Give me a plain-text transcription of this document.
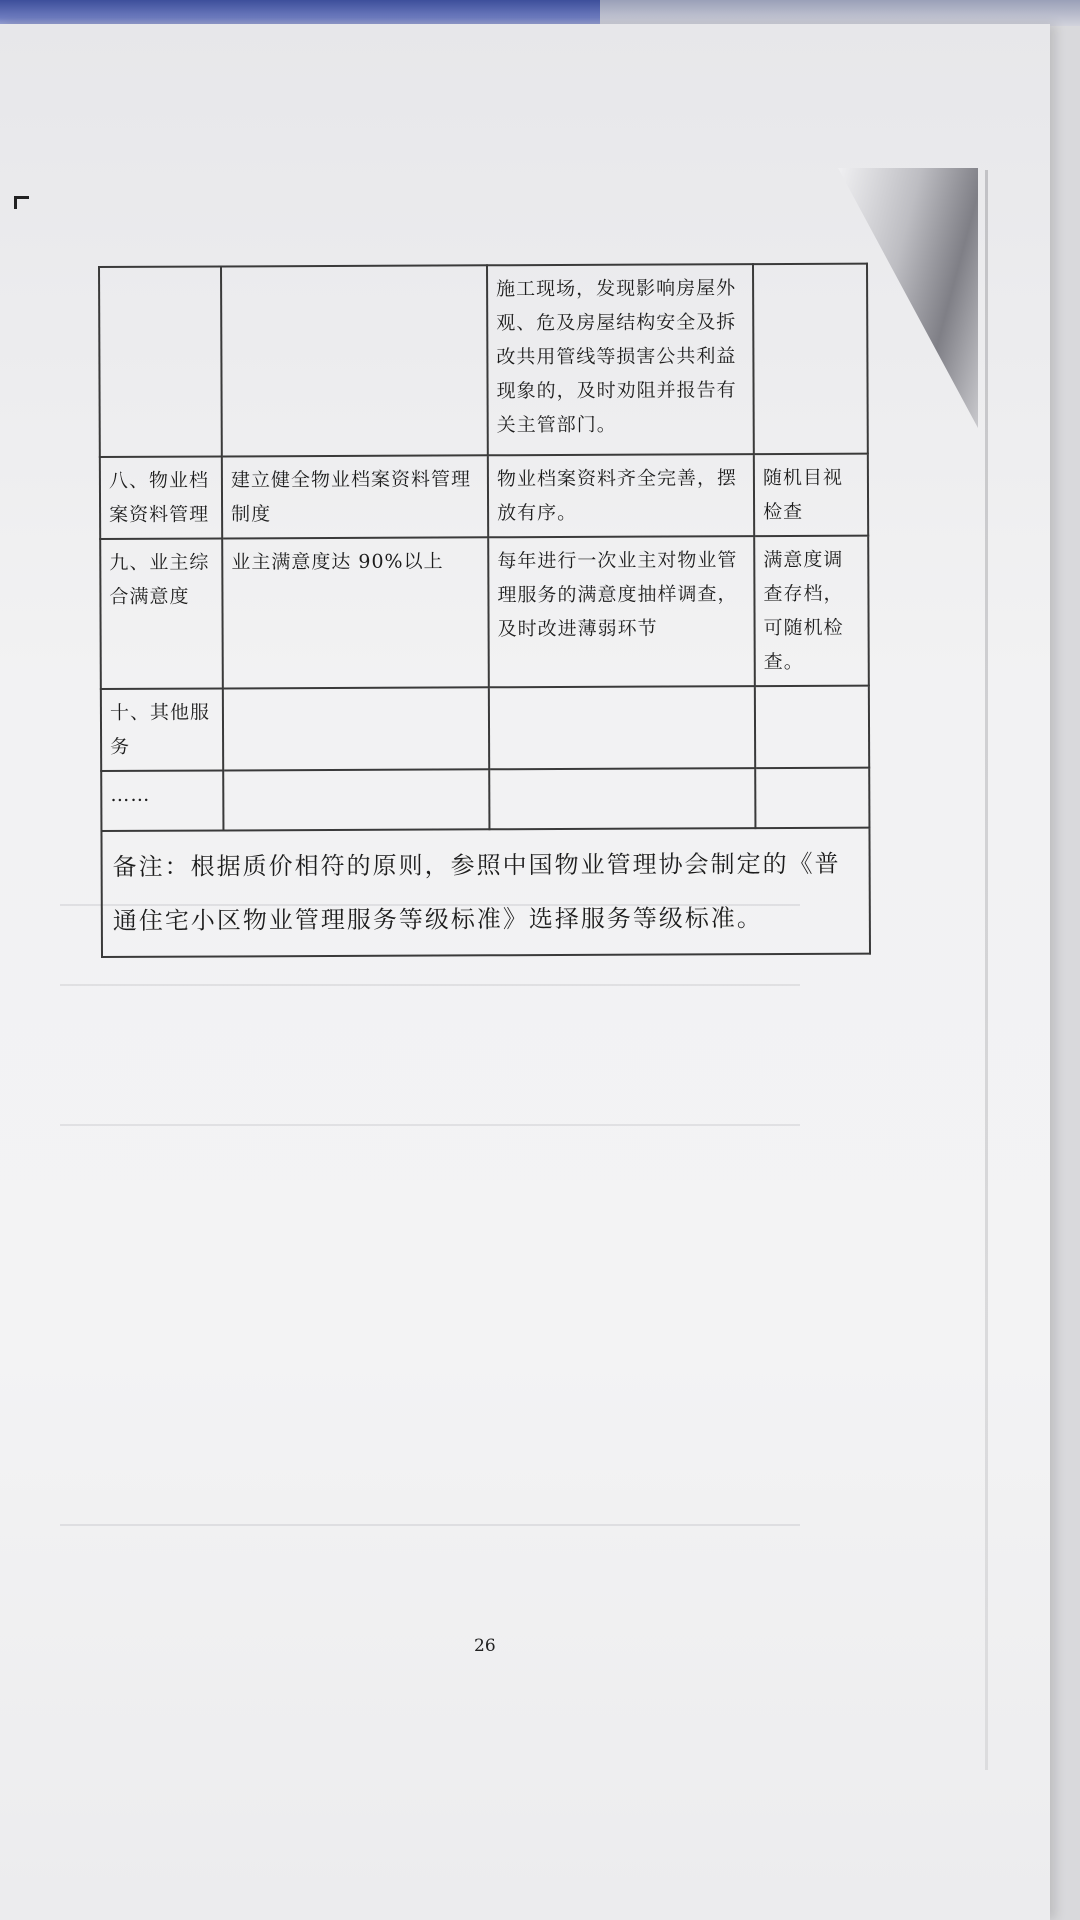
		施工现场，发现影响房屋外观、危及房屋结构安全及拆改共用管线等损害公共利益现象的，及时劝阻并报告有关主管部门。	
八、物业档案资料管理	建立健全物业档案资料管理制度	物业档案资料齐全完善，摆放有序。	随机目视检查
九、业主综合满意度	业主满意度达 90%以上	每年进行一次业主对物业管理服务的满意度抽样调查，及时改进薄弱环节	满意度调查存档，可随机检查。
十、其他服务			
……			
备注：根据质价相符的原则，参照中国物业管理协会制定的《普通住宅小区物业管理服务等级标准》选择服务等级标准。			
26
